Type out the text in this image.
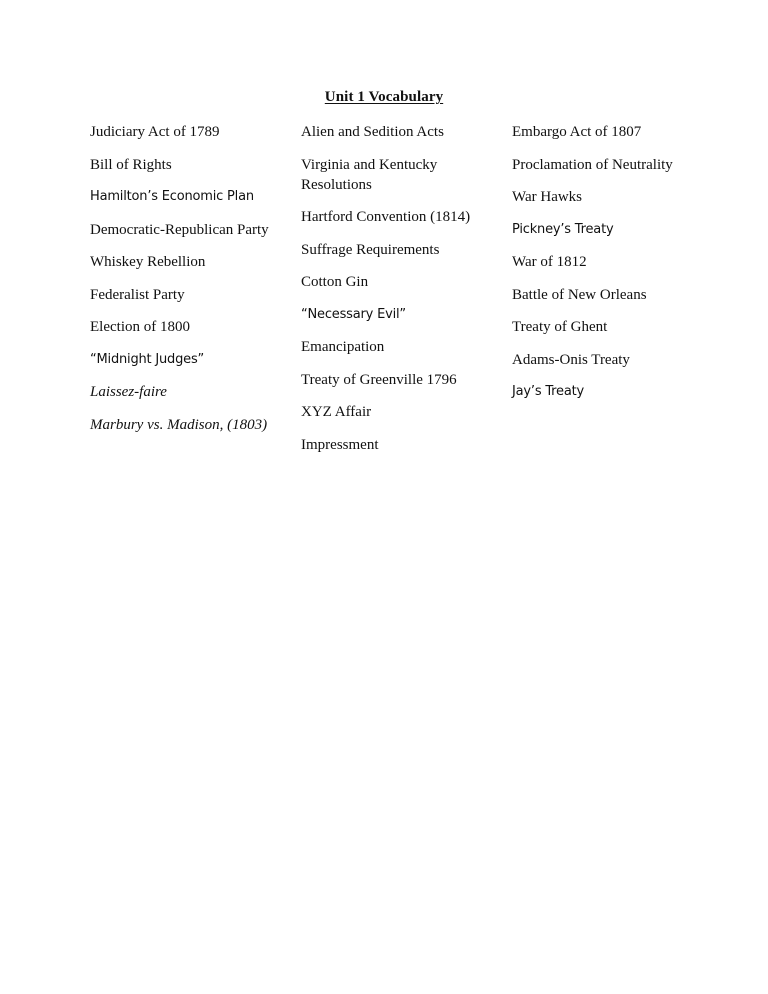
Unit 1 Vocabulary
Judiciary Act of 1789
Bill of Rights
Hamilton’s Economic Plan
Democratic-Republican Party
Whiskey Rebellion
Federalist Party
Election of 1800
“Midnight Judges”
Laissez-faire
Marbury vs. Madison, (1803)
Alien and Sedition Acts
Virginia and Kentucky Resolutions
Hartford Convention (1814)
Suffrage Requirements
Cotton Gin
“Necessary Evil”
Emancipation
Treaty of Greenville 1796
XYZ Affair
Impressment
Embargo Act of 1807
Proclamation of Neutrality
War Hawks
Pickney’s Treaty
War of 1812
Battle of New Orleans
Treaty of Ghent
Adams-Onis Treaty
Jay’s Treaty
